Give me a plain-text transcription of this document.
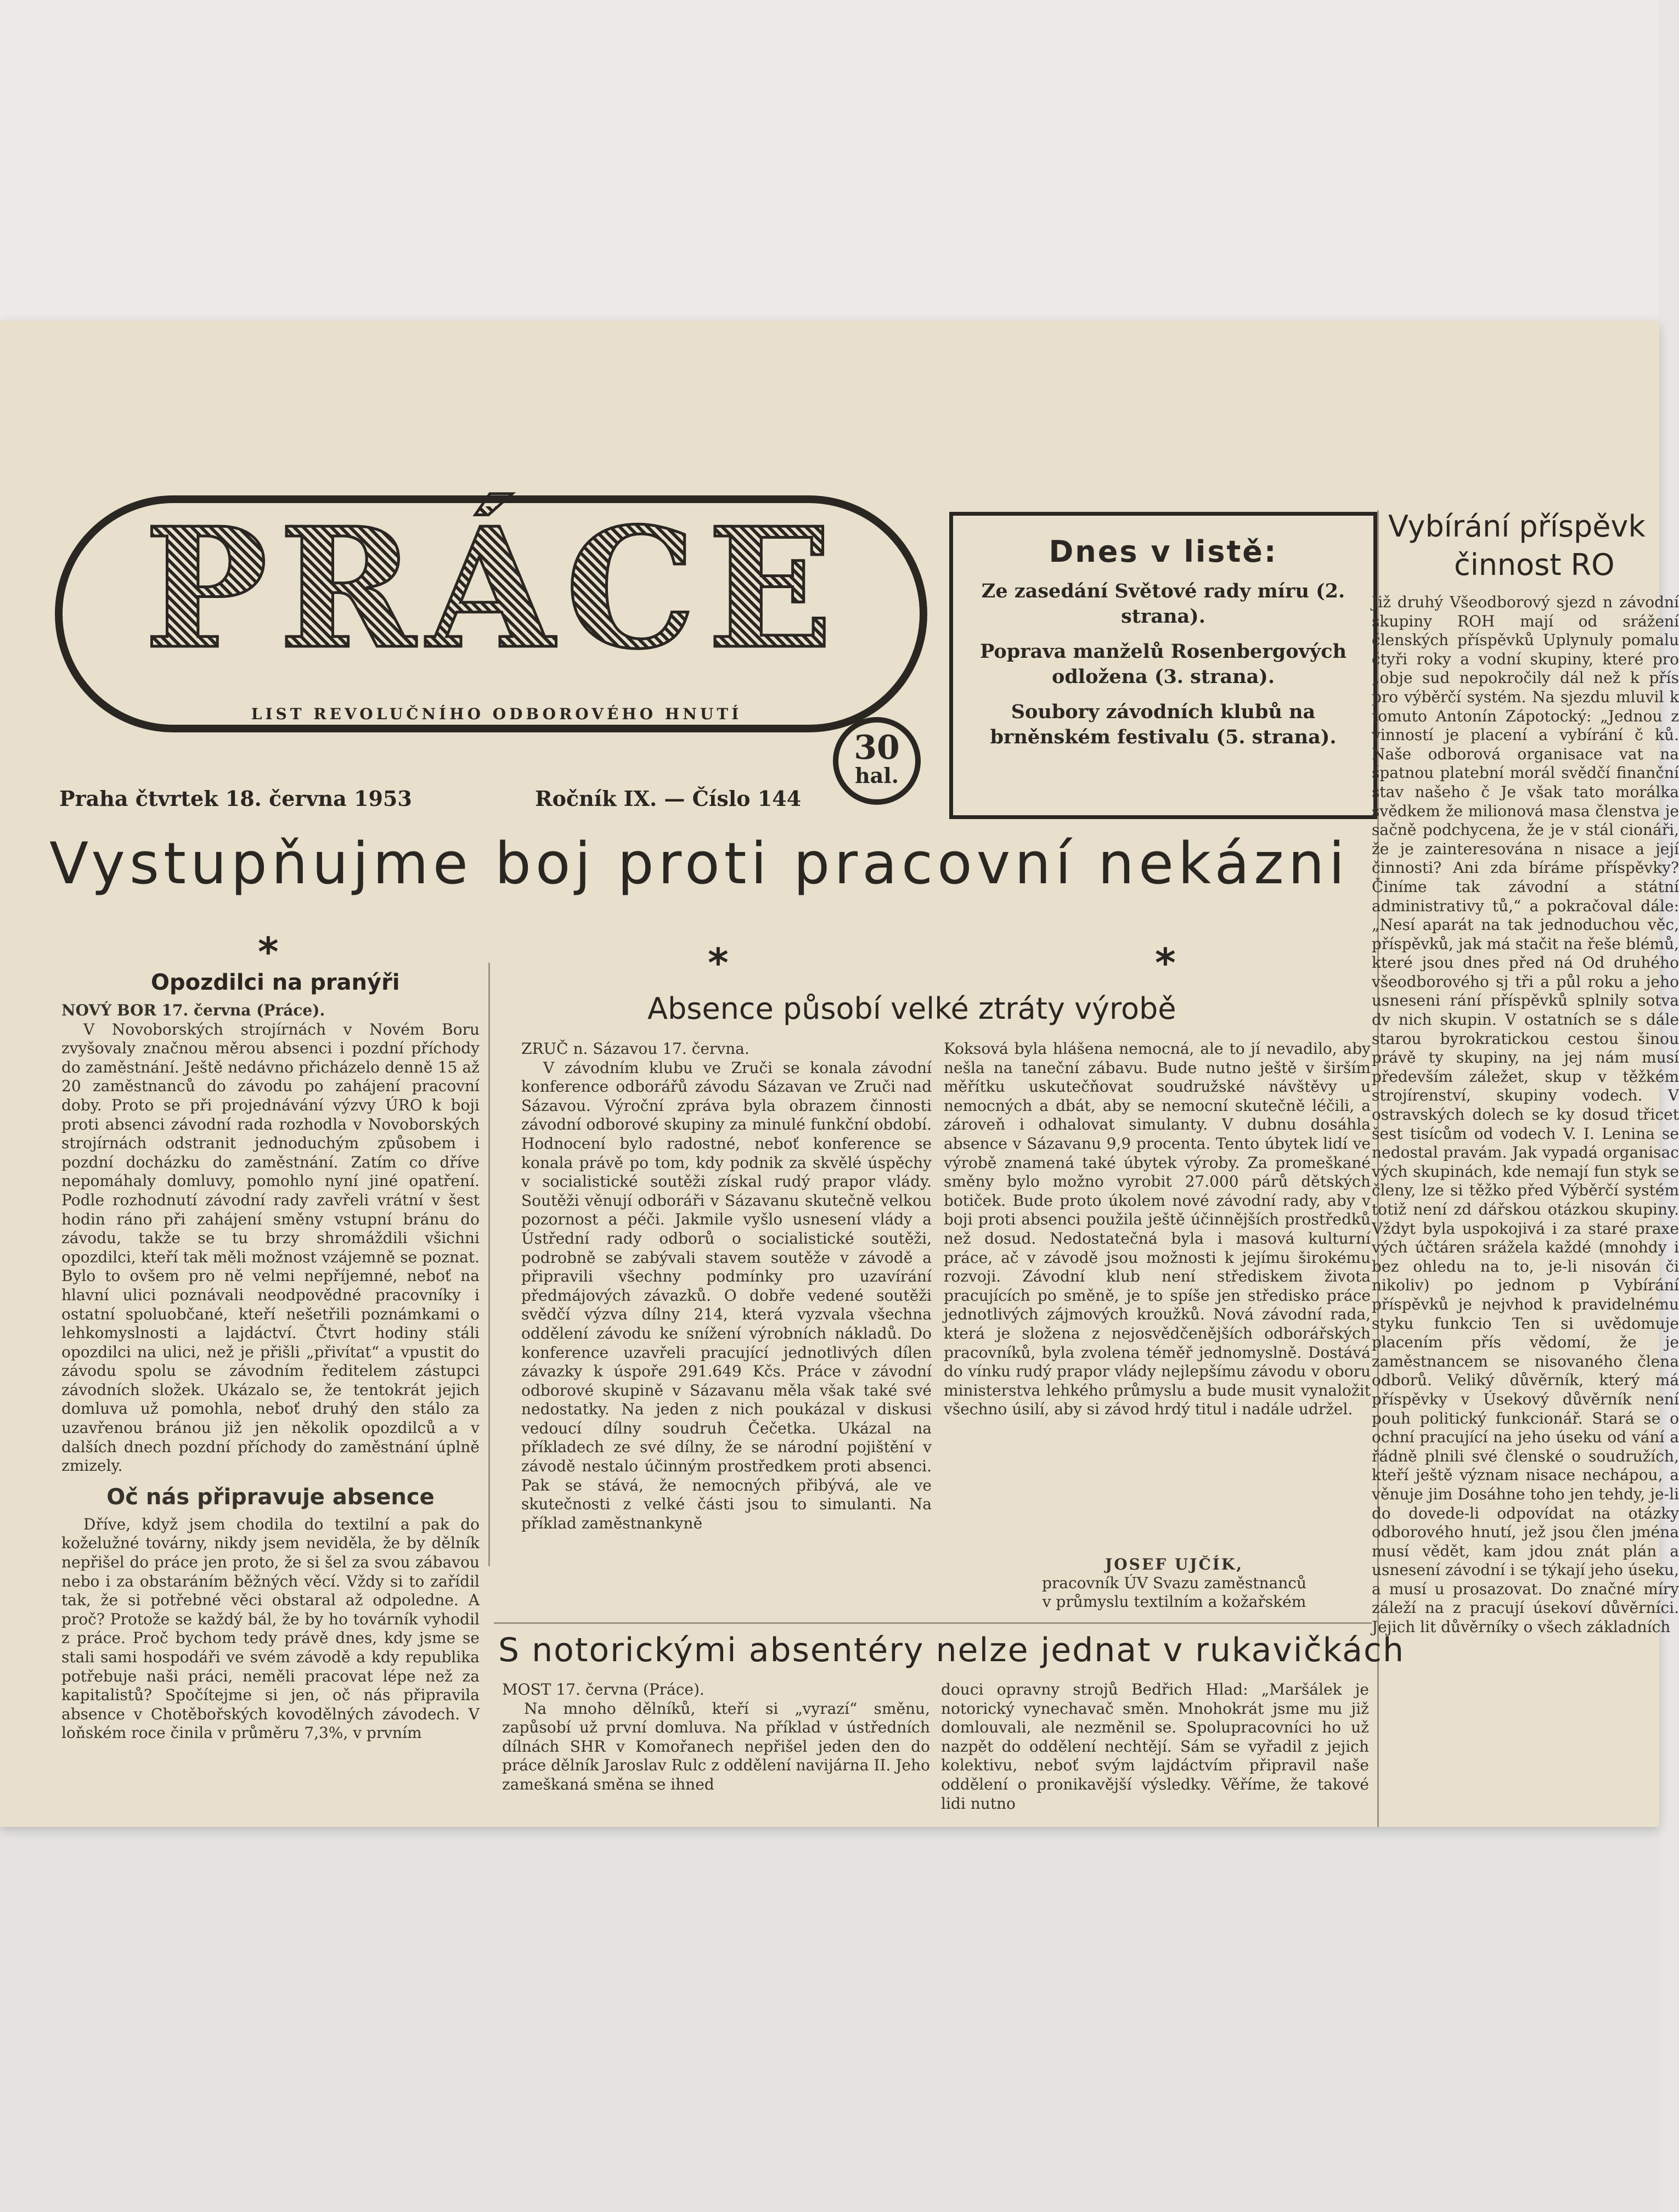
PRÁCE
LIST REVOLUČNÍHO ODBOROVÉHO HNUTÍ
30
hal.
Praha čtvrtek 18. června 1953	Ročník IX. — Číslo 144
Dnes v listě:
Ze zasedání Světové rady míru (2. strana).
Poprava manželů Rosenbergových odložena (3. strana).
Soubory závodních klubů na brněnském festivalu (5. strana).
Vybírání příspěvk
činnost RO

Již druhý Všeodborový sjezd n závodní skupiny ROH mají od srážení členských příspěvků Uplynuly pomalu čtyři roky a vodní skupiny, které pro „obje sud nepokročily dál než k přís pro výběrčí systém. Na sjezdu mluvil k tomuto Antonín Zápotocký: „Jednou z vinností je placení a vybírání č ků. Naše odborová organisace vat na špatnou platební morál svědčí finanční stav našeho č Je však tato morálka svědkem že milionová masa členstva je sačně podchycena, že je v stál cionáři, že je zainteresována n nisace a její činnosti? Ani zda bíráme příspěvky? Činíme tak závodní a státní administrativy tů,“ a pokračoval dále: „Nesí aparát na tak jednoduchou věc, příspěvků, jak má stačit na řeše blémů, které jsou dnes před ná Od druhého všeodborového sj tři a půl roku a jeho usneseni rání příspěvků splnily sotva dv nich skupin. V ostatních se s dále starou byrokratickou cestou šinou právě ty skupiny, na jej nám musí především záležet, skup v těžkém strojírenství, skupiny vodech. V ostravských dolech se ky dosud třicet šest tisícům od vodech V. I. Lenina se nedostal pravám. Jak vypadá organisac vých skupinách, kde nemají fun styk se členy, lze si těžko před Výběrčí systém totiž není zd dářskou otázkou skupiny. Vždyt byla uspokojivá i za staré praxe vých účtáren srážela každé (mnohdy i bez ohledu na to, je-li nisován či nikoliv) po jednom p Vybírání příspěvků je nejvhod k pravidelnému styku funkcio Ten si uvědomuje placením přís vědomí, že je zaměstnancem se nisovaného člena odborů. Veliký důvěrník, který má příspěvky v Úsekový důvěrník není pouh politický funkcionář. Stará se o ochní pracující na jeho úseku od vání a řádně plnili své členské o soudružích, kteří ještě význam nisace nechápou, a věnuje jim Dosáhne toho jen tehdy, je-li do dovede-li odpovídat na otázky odborového hnutí, jež jsou člen jména musí vědět, kam jdou znát plán a usnesení závodní i se týkají jeho úseku, a musí u prosazovat. Do značné míry záleží na z pracují úsekoví důvěrníci. Jejich lit důvěrníky o všech základních

Vystupňujme boj proti pracovní nekázni
*	*	*
Opozdilci na pranýři

NOVÝ BOR 17. června (Práce).

V Novoborských strojírnách v Novém Boru zvyšovaly značnou měrou absenci i pozdní příchody do zaměstnání. Ještě nedávno přicházelo denně 15 až 20 zaměstnanců do závodu po zahájení pracovní doby. Proto se při projednávání výzvy ÚRO k boji proti absenci závodní rada rozhodla v Novoborských strojírnách odstranit jednoduchým způsobem i pozdní docházku do zaměstnání. Zatím co dříve nepomáhaly domluvy, pomohlo nyní jiné opatření. Podle rozhodnutí závodní rady zavřeli vrátní v šest hodin ráno při zahájení směny vstupní bránu do závodu, takže se tu brzy shromáždili všichni opozdilci, kteří tak měli možnost vzájemně se poznat. Bylo to ovšem pro ně velmi nepříjemné, neboť na hlavní ulici poznávali neodpovědné pracovníky i ostatní spoluobčané, kteří nešetřili poznámkami o lehkomyslnosti a lajdáctví. Čtvrt hodiny stáli opozdilci na ulici, než je přišli „přivítat“ a vpustit do závodu spolu se závodním ředitelem zástupci závodních složek. Ukázalo se, že tentokrát jejich domluva už pomohla, neboť druhý den stálo za uzavřenou bránou již jen několik opozdilců a v dalších dnech pozdní příchody do zaměstnání úplně zmizely.

Oč nás připravuje absence

Dříve, když jsem chodila do textilní a pak do koželužné továrny, nikdy jsem neviděla, že by dělník nepřišel do práce jen proto, že si šel za svou zábavou nebo i za obstaráním běžných věcí. Vždy si to zařídil tak, že si potřebné věci obstaral až odpoledne. A proč? Protože se každý bál, že by ho továrník vyhodil z práce. Proč bychom tedy právě dnes, kdy jsme se stali sami hospodáři ve svém závodě a kdy republika potřebuje naši práci, neměli pracovat lépe než za kapitalistů? Spočítejme si jen, oč nás připravila absence v Chotěbořských kovodělných závodech. V loňském roce činila v průměru 7,3%, v prvním

Absence působí velké ztráty výrobě

ZRUČ n. Sázavou 17. června.

V závodním klubu ve Zruči se konala závodní konference odborářů závodu Sázavan ve Zruči nad Sázavou. Výroční zpráva byla obrazem činnosti závodní odborové skupiny za minulé funkční období. Hodnocení bylo radostné, neboť konference se konala právě po tom, kdy podnik za skvělé úspěchy v socialistické soutěži získal rudý prapor vlády. Soutěži věnují odboráři v Sázavanu skutečně velkou pozornost a péči. Jakmile vyšlo usnesení vlády a Ústřední rady odborů o socialistické soutěži, podrobně se zabývali stavem soutěže v závodě a připravili všechny podmínky pro uzavírání předmájových závazků. O dobře vedené soutěži svědčí výzva dílny 214, která vyzvala všechna oddělení závodu ke snížení výrobních nákladů. Do konference uzavřeli pracující jednotlivých dílen závazky k úspoře 291.649 Kčs. Práce v závodní odborové skupině v Sázavanu měla však také své nedostatky. Na jeden z nich poukázal v diskusi vedoucí dílny soudruh Čečetka. Ukázal na příkladech ze své dílny, že se národní pojištění v závodě nestalo účinným prostředkem proti absenci. Pak se stává, že nemocných přibývá, ale ve skutečnosti z velké části jsou to simulanti. Na příklad zaměstnankyně

Koksová byla hlášena nemocná, ale to jí nevadilo, aby nešla na taneční zábavu. Bude nutno ještě v širším měřítku uskutečňovat soudružské návštěvy u nemocných a dbát, aby se nemocní skutečně léčili, a zároveň i odhalovat simulanty. V dubnu dosáhla absence v Sázavanu 9,9 procenta. Tento úbytek lidí ve výrobě znamená také úbytek výroby. Za promeškané směny bylo možno vyrobit 27.000 párů dětských botiček. Bude proto úkolem nové závodní rady, aby v boji proti absenci použila ještě účinnějších prostředků než dosud. Nedostatečná byla i masová kulturní práce, ač v závodě jsou možnosti k jejímu širokému rozvoji. Závodní klub není střediskem života pracujících po směně, je to spíše jen středisko práce jednotlivých zájmových kroužků. Nová závodní rada, která je složena z nejosvědčenějších odborářských pracovníků, byla zvolena téměř jednomyslně. Dostává do vínku rudý prapor vlády nejlepšímu závodu v oboru ministerstva lehkého průmyslu a bude musit vynaložit všechno úsilí, aby si závod hrdý titul i nadále udržel.

JOSEF UJČÍK,
pracovník ÚV Svazu zaměstnanců
v průmyslu textilním a kožařském
S notorickými absentéry nelze jednat v rukavičkách

MOST 17. června (Práce).

Na mnoho dělníků, kteří si „vyrazí“ směnu, zapůsobí už první domluva. Na příklad v ústředních dílnách SHR v Komořanech nepřišel jeden den do práce dělník Jaroslav Rulc z oddělení navijárna II. Jeho zameškaná směna se ihned

douci opravny strojů Bedřich Hlad: „Maršálek je notorický vynechavač směn. Mnohokrát jsme mu již domlouvali, ale nezměnil se. Spolupracovníci ho už nazpět do oddělení nechtějí. Sám se vyřadil z jejich kolektivu, neboť svým lajdáctvím připravil naše oddělení o pronikavější výsledky. Věříme, že takové lidi nutno
